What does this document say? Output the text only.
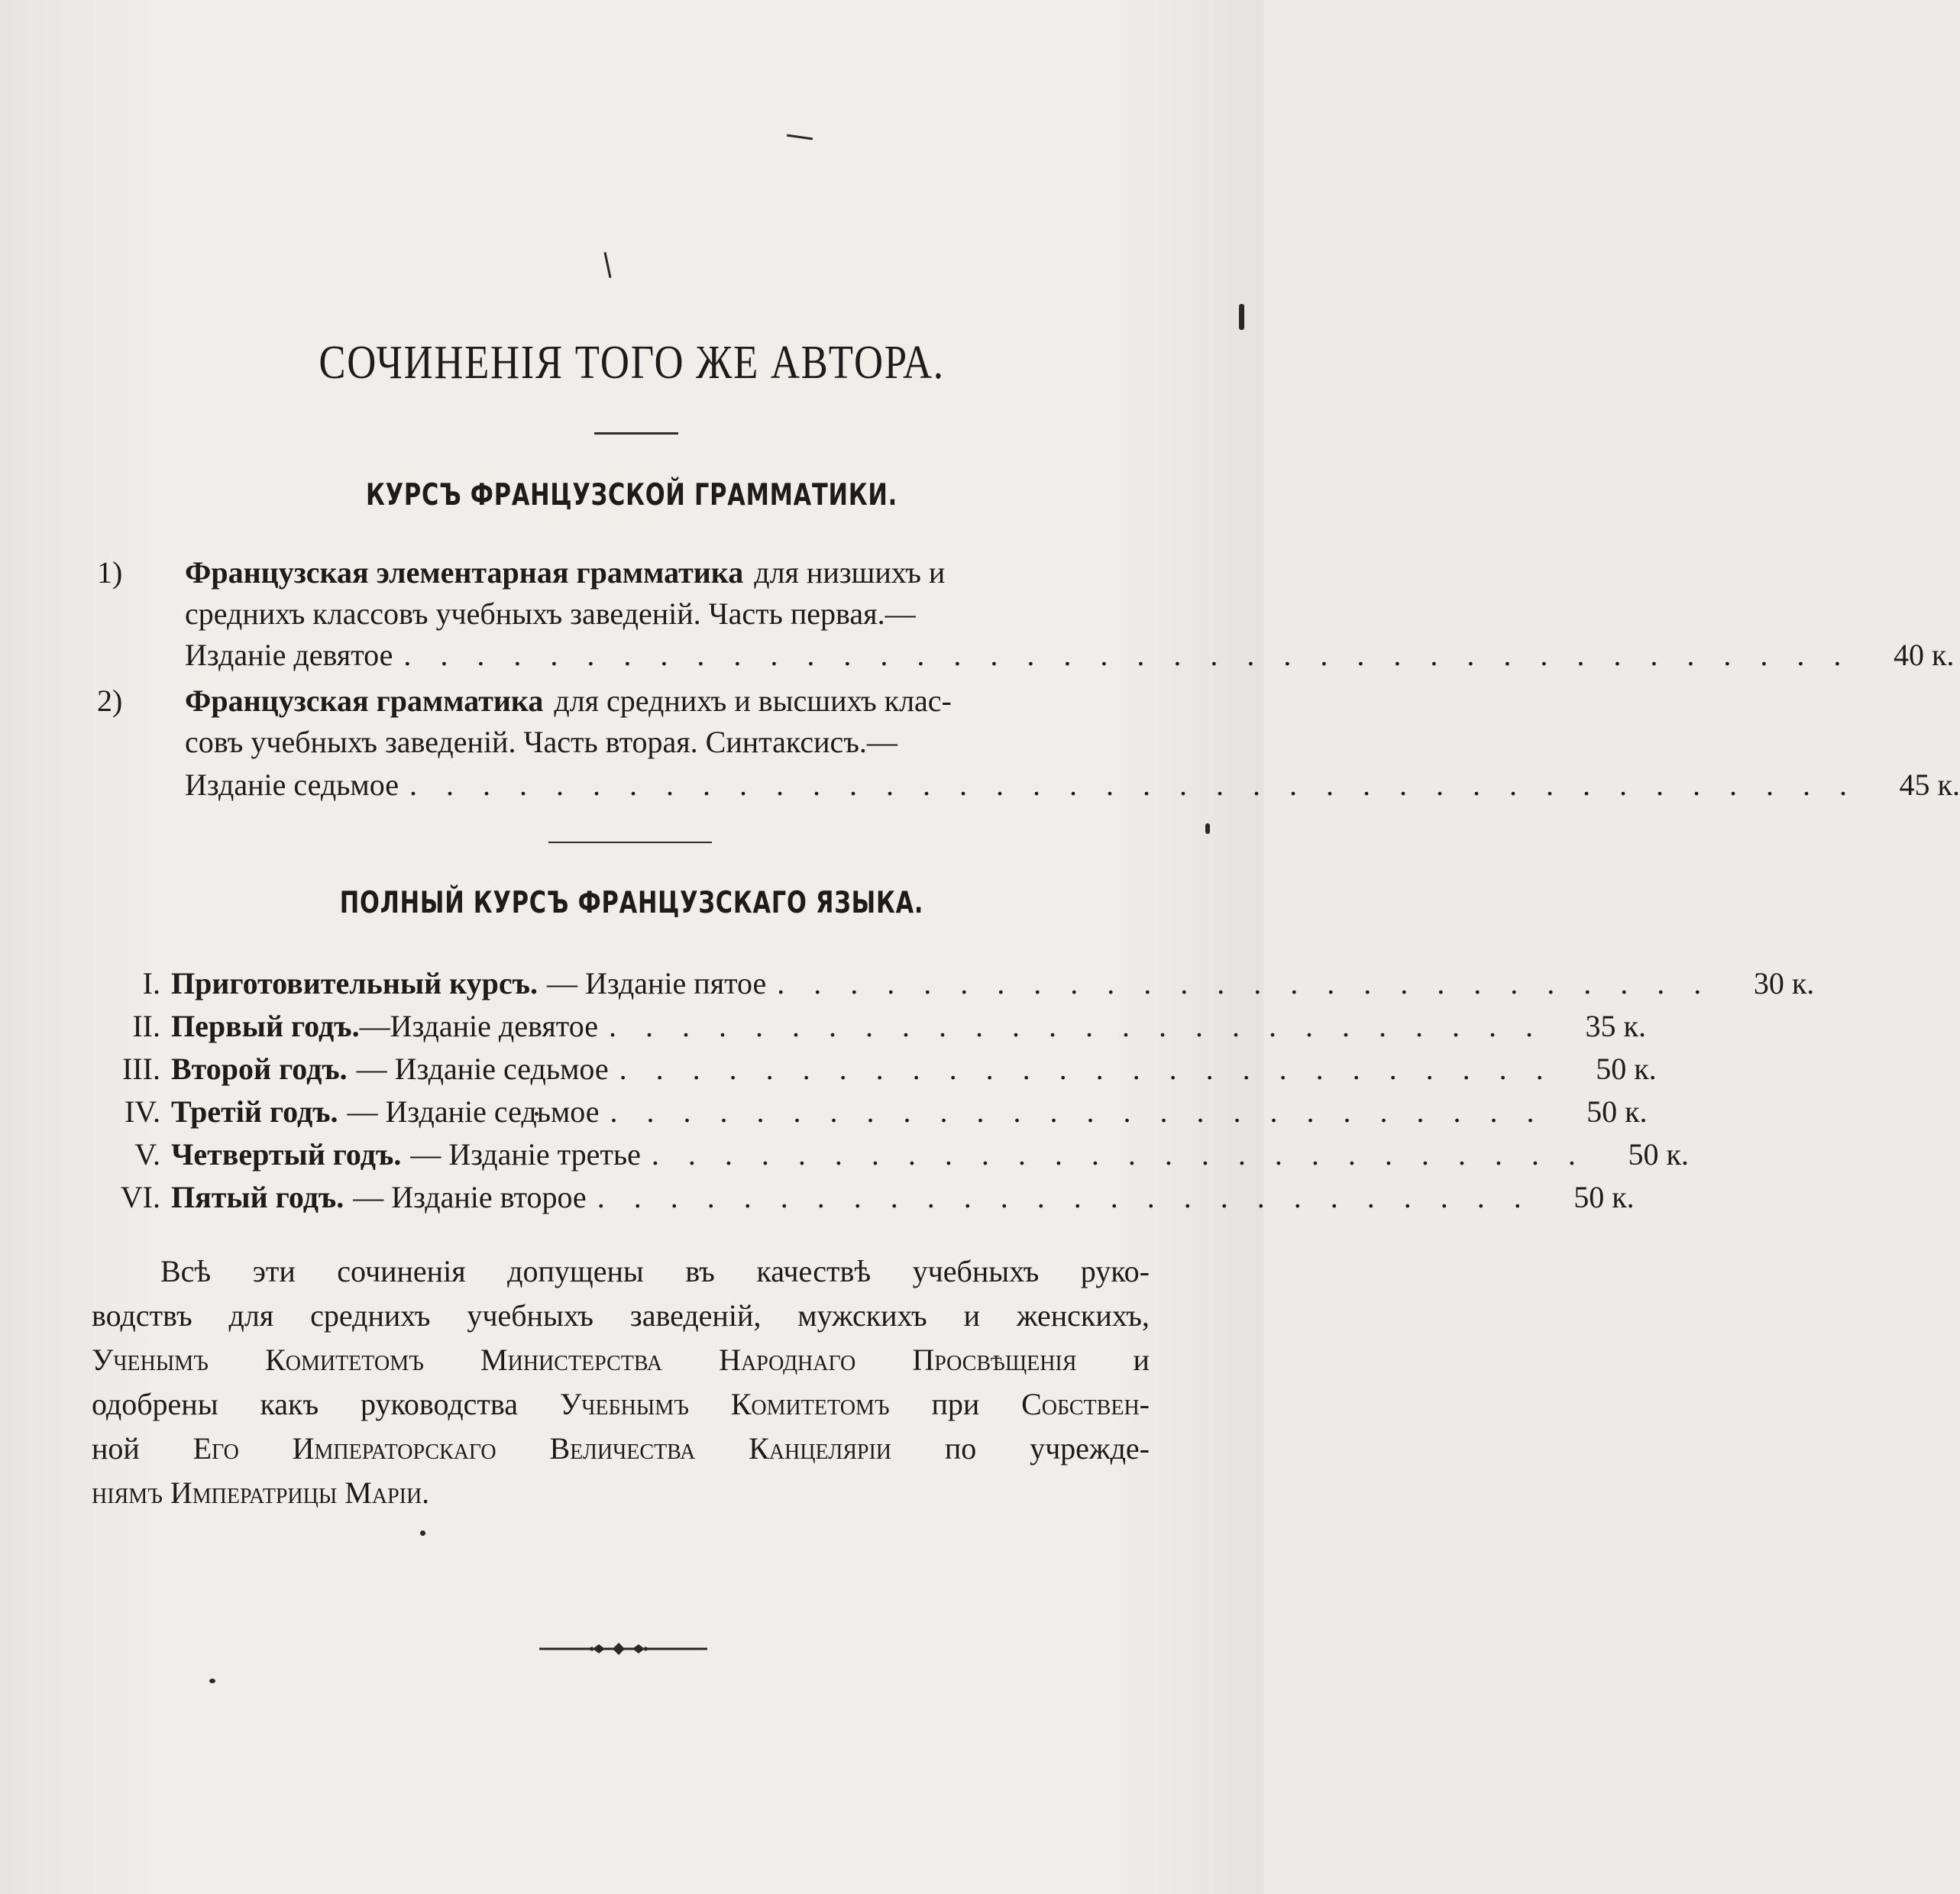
СОЧИНЕНІЯ ТОГО ЖЕ АВТОРА.
КУРСЪ ФРАНЦУЗСКОЙ ГРАММАТИКИ.
1)	Французская элементарная грамматика для низшихъ и
среднихъ классовъ учебныхъ заведеній. Часть первая.—
Изданіе девятое . . . . . . . . . . . . . . . . . . . . . . . . . . . . . . . . . . . . . . . .	40 к.
2)	Французская грамматика для среднихъ и высшихъ клас-
совъ учебныхъ заведеній. Часть вторая. Синтаксисъ.—
Изданіе седьмое . . . . . . . . . . . . . . . . . . . . . . . . . . . . . . . . . . . . . . . .	45 к.
ПОЛНЫЙ КУРСЪ ФРАНЦУЗСКАГО ЯЗЫКА.
I. Приготовительный курсъ. — Изданіе пятое . . . . . . . . . . . . . . . . . . . . . . . . . .	30 к.
II. Первый годъ. —Изданіе девятое . . . . . . . . . . . . . . . . . . . . . . . . . .	35 к.
III. Второй годъ. — Изданіе седьмое . . . . . . . . . . . . . . . . . . . . . . . . . .	50 к.
IV. Третій годъ. — Изданіе седьмое . . . . . . . . . . . . . . . . . . . . . . . . . .	50 к.
V. Четвертый годъ. — Изданіе третье . . . . . . . . . . . . . . . . . . . . . . . . . .	50 к.
VI. Пятый годъ. — Изданіе второе . . . . . . . . . . . . . . . . . . . . . . . . . .	50 к.
Всѣ эти сочиненія допущены въ качествѣ учебныхъ руко-
водствъ для среднихъ учебныхъ заведеній, мужскихъ и женскихъ,
Ученымъ Комитетомъ Министерства Народнаго Просвѣщенія и
одобрены какъ руководства Учебнымъ Комитетомъ при Собствен-
ной Его Императорскаго Величества Канцеляріи по учрежде-
ніямъ Императрицы Маріи.
